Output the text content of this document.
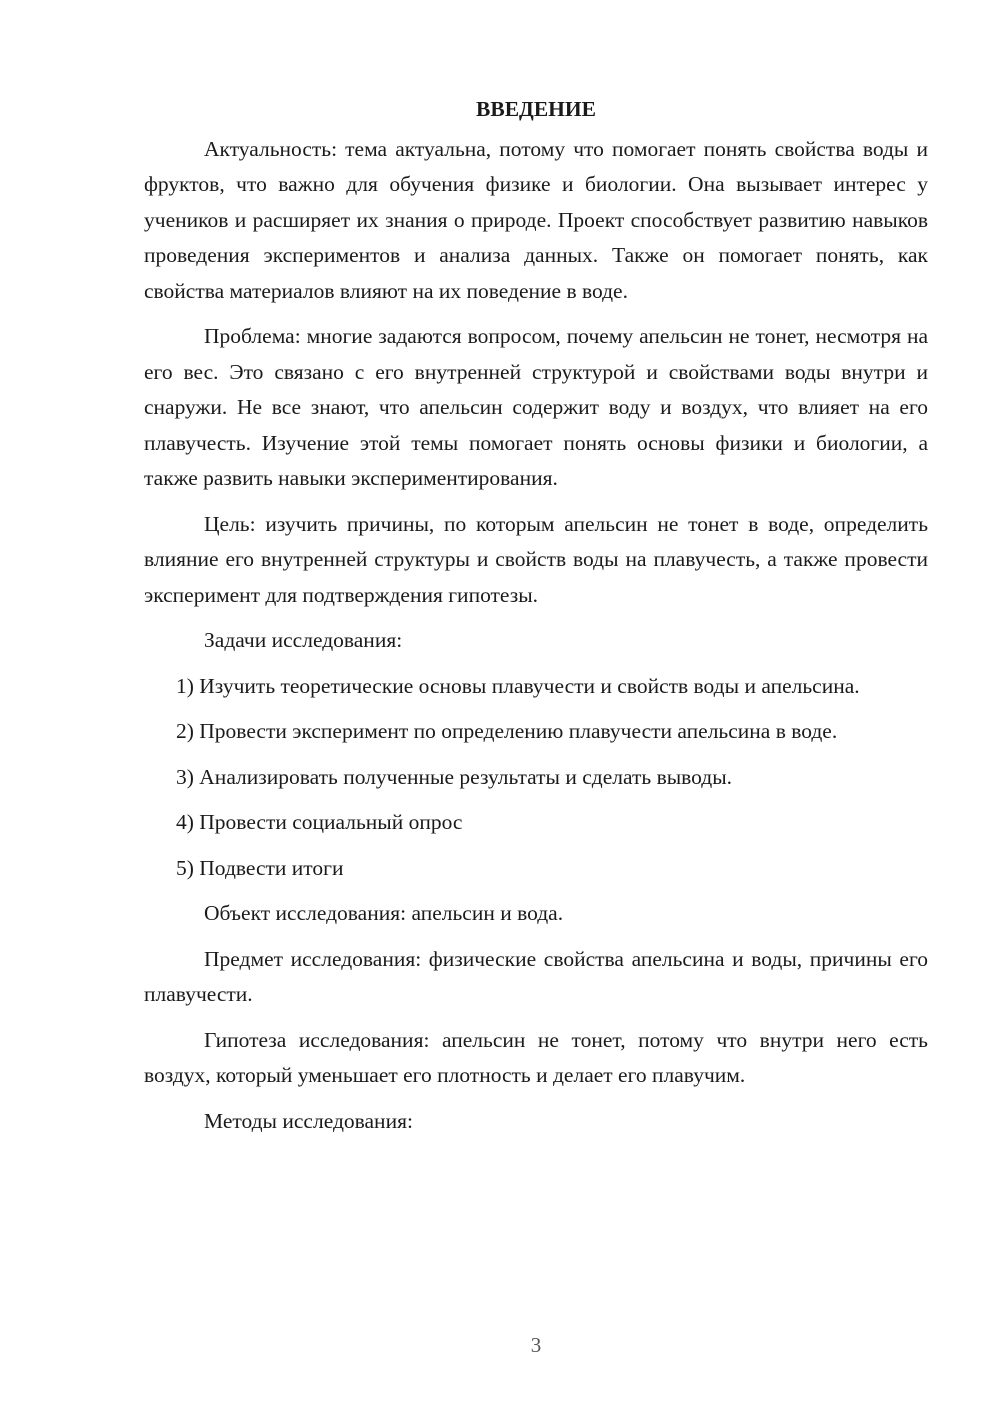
ВВЕДЕНИЕ

Актуальность: тема актуальна, потому что помогает понять свойства воды и фруктов, что важно для обучения физике и биологии. Она вызывает интерес у учеников и расширяет их знания о природе. Проект способствует развитию навыков проведения экспериментов и анализа данных. Также он помогает понять, как свойства материалов влияют на их поведение в воде.

Проблема: многие задаются вопросом, почему апельсин не тонет, несмотря на его вес. Это связано с его внутренней структурой и свойствами воды внутри и снаружи. Не все знают, что апельсин содержит воду и воздух, что влияет на его плавучесть. Изучение этой темы помогает понять основы физики и биологии, а также развить навыки экспериментирования.

Цель: изучить причины, по которым апельсин не тонет в воде, определить влияние его внутренней структуры и свойств воды на плавучесть, а также провести эксперимент для подтверждения гипотезы.

Задачи исследования:

1) Изучить теоретические основы плавучести и свойств воды и апельсина.

2) Провести эксперимент по определению плавучести апельсина в воде.

3) Анализировать полученные результаты и сделать выводы.

4) Провести социальный опрос

5) Подвести итоги

Объект исследования: апельсин и вода.

Предмет исследования: физические свойства апельсина и воды, причины его плавучести.

Гипотеза исследования: апельсин не тонет, потому что внутри него есть воздух, который уменьшает его плотность и делает его плавучим.

Методы исследования:

3
